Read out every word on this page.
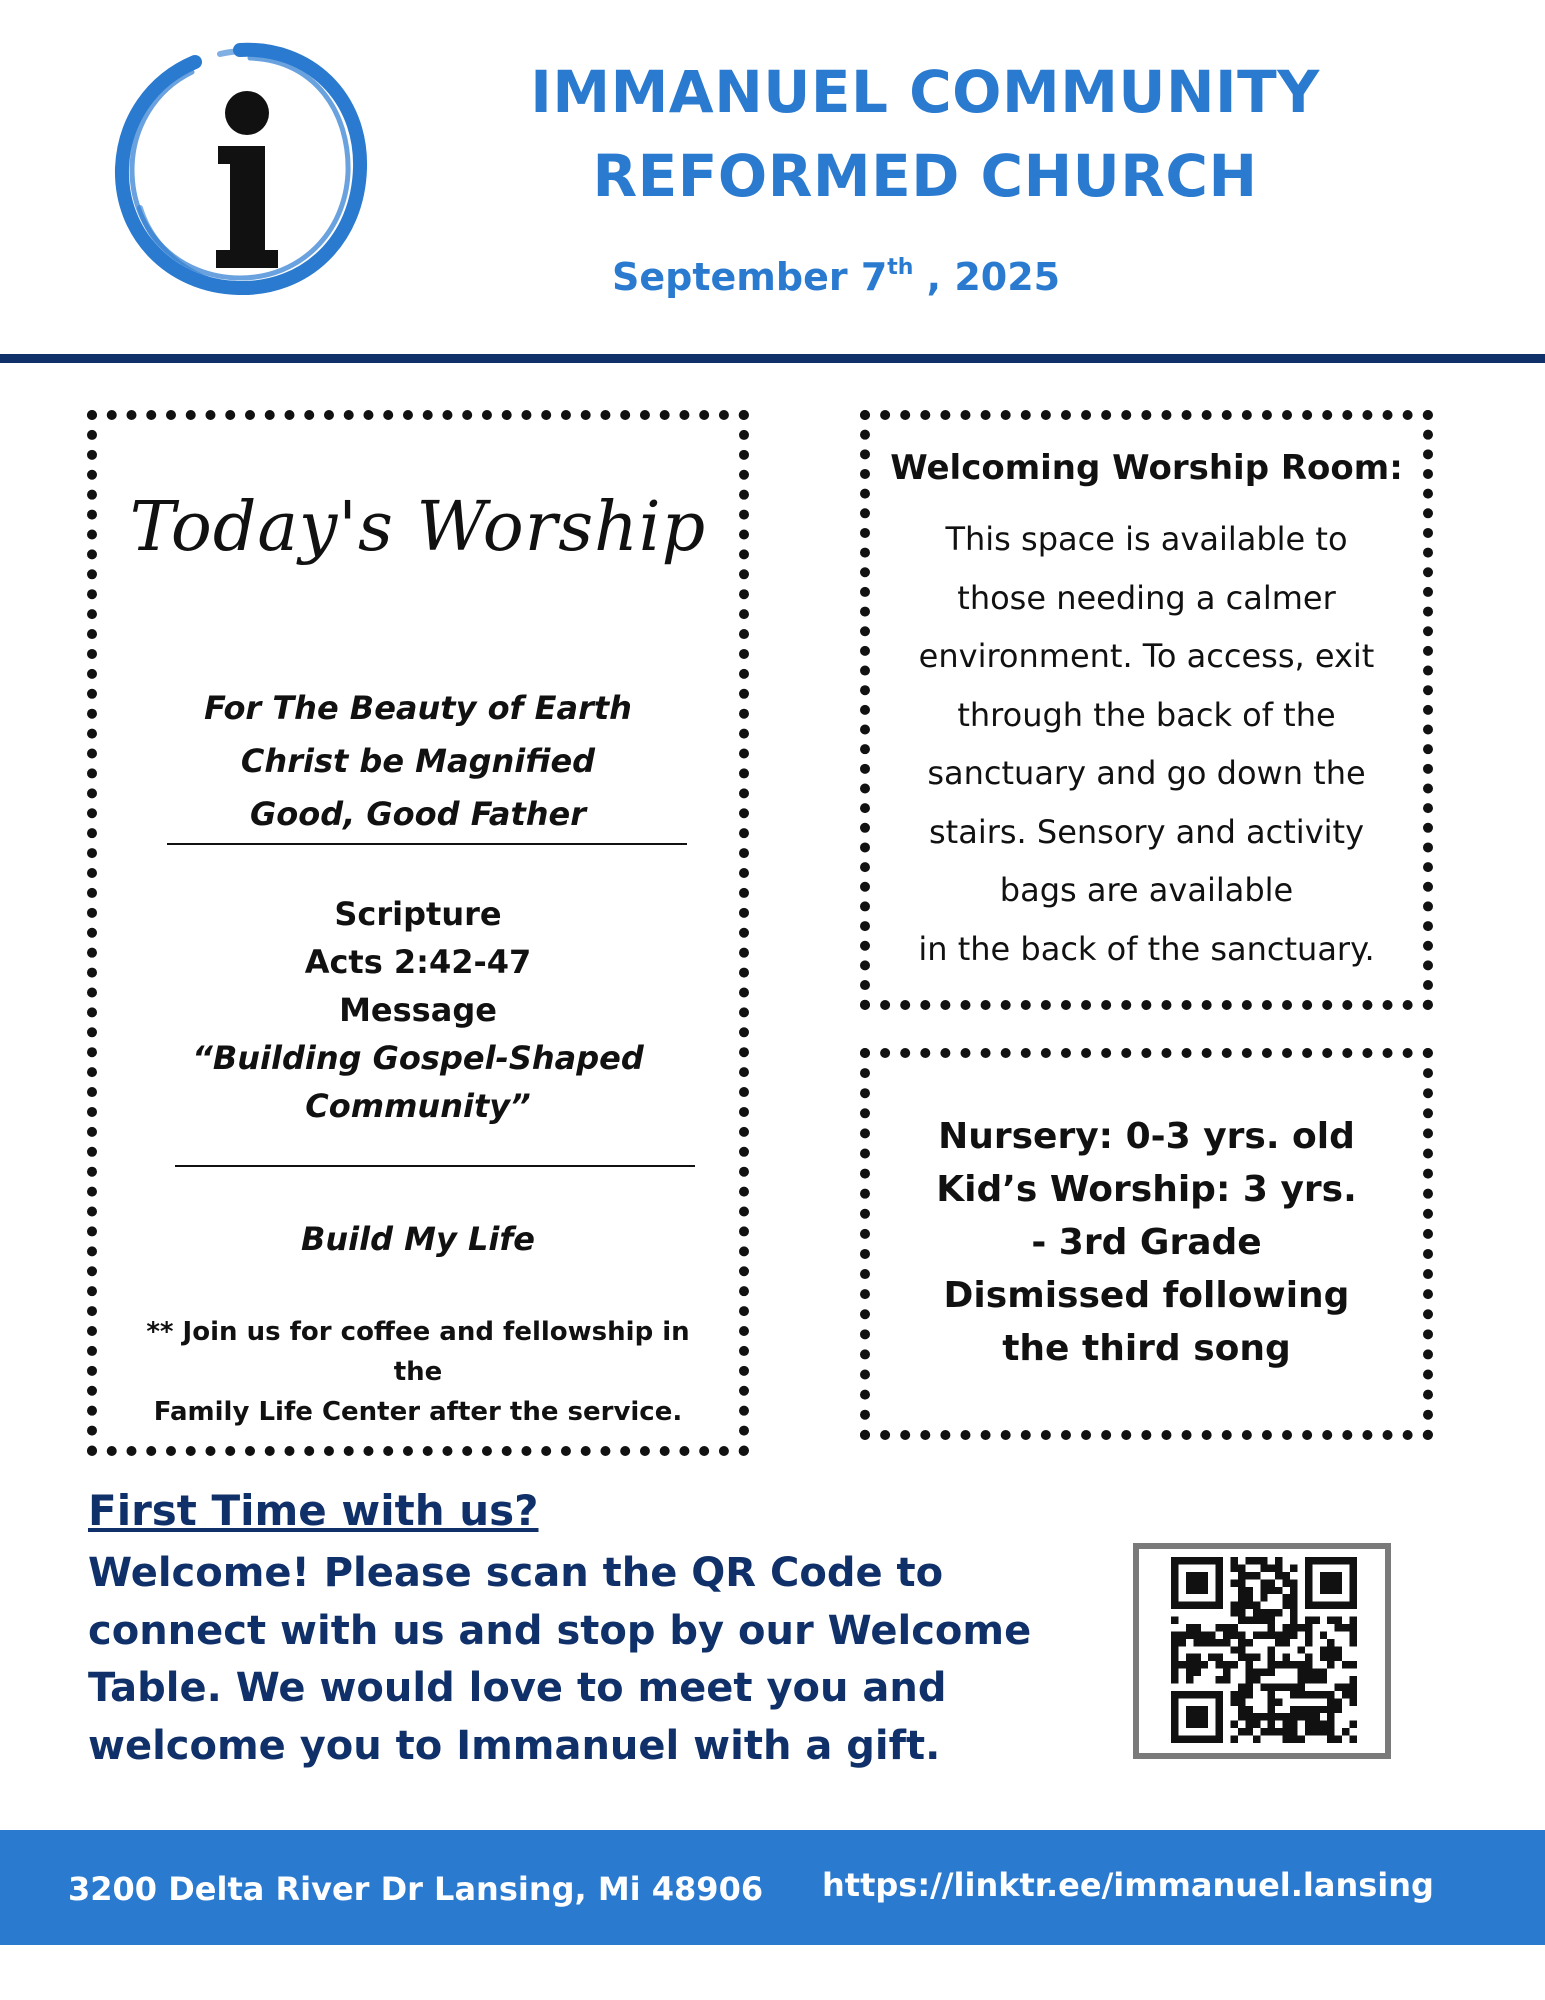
IMMANUEL COMMUNITY
REFORMED CHURCH
September 7th , 2025
Today's Worship
For The Beauty of Earth
Christ be Magnified
Good, Good Father
Scripture
Acts 2:42-47
Message
“Building Gospel-Shaped
Community”
Build My Life
** Join us for coffee and fellowship in the
Family Life Center after the service.
Welcoming Worship Room:
This space is available to
those needing a calmer
environment. To access, exit
through the back of the
sanctuary and go down the
stairs. Sensory and activity
bags are available
in the back of the sanctuary.
Nursery: 0-3 yrs. old
Kid’s Worship: 3 yrs.
- 3rd Grade
Dismissed following
the third song
First Time with us?
Welcome! Please scan the QR Code to
connect with us and stop by our Welcome
Table. We would love to meet you and
welcome you to Immanuel with a gift.
3200 Delta River Dr Lansing, Mi 48906 https://linktr.ee/immanuel.lansing
